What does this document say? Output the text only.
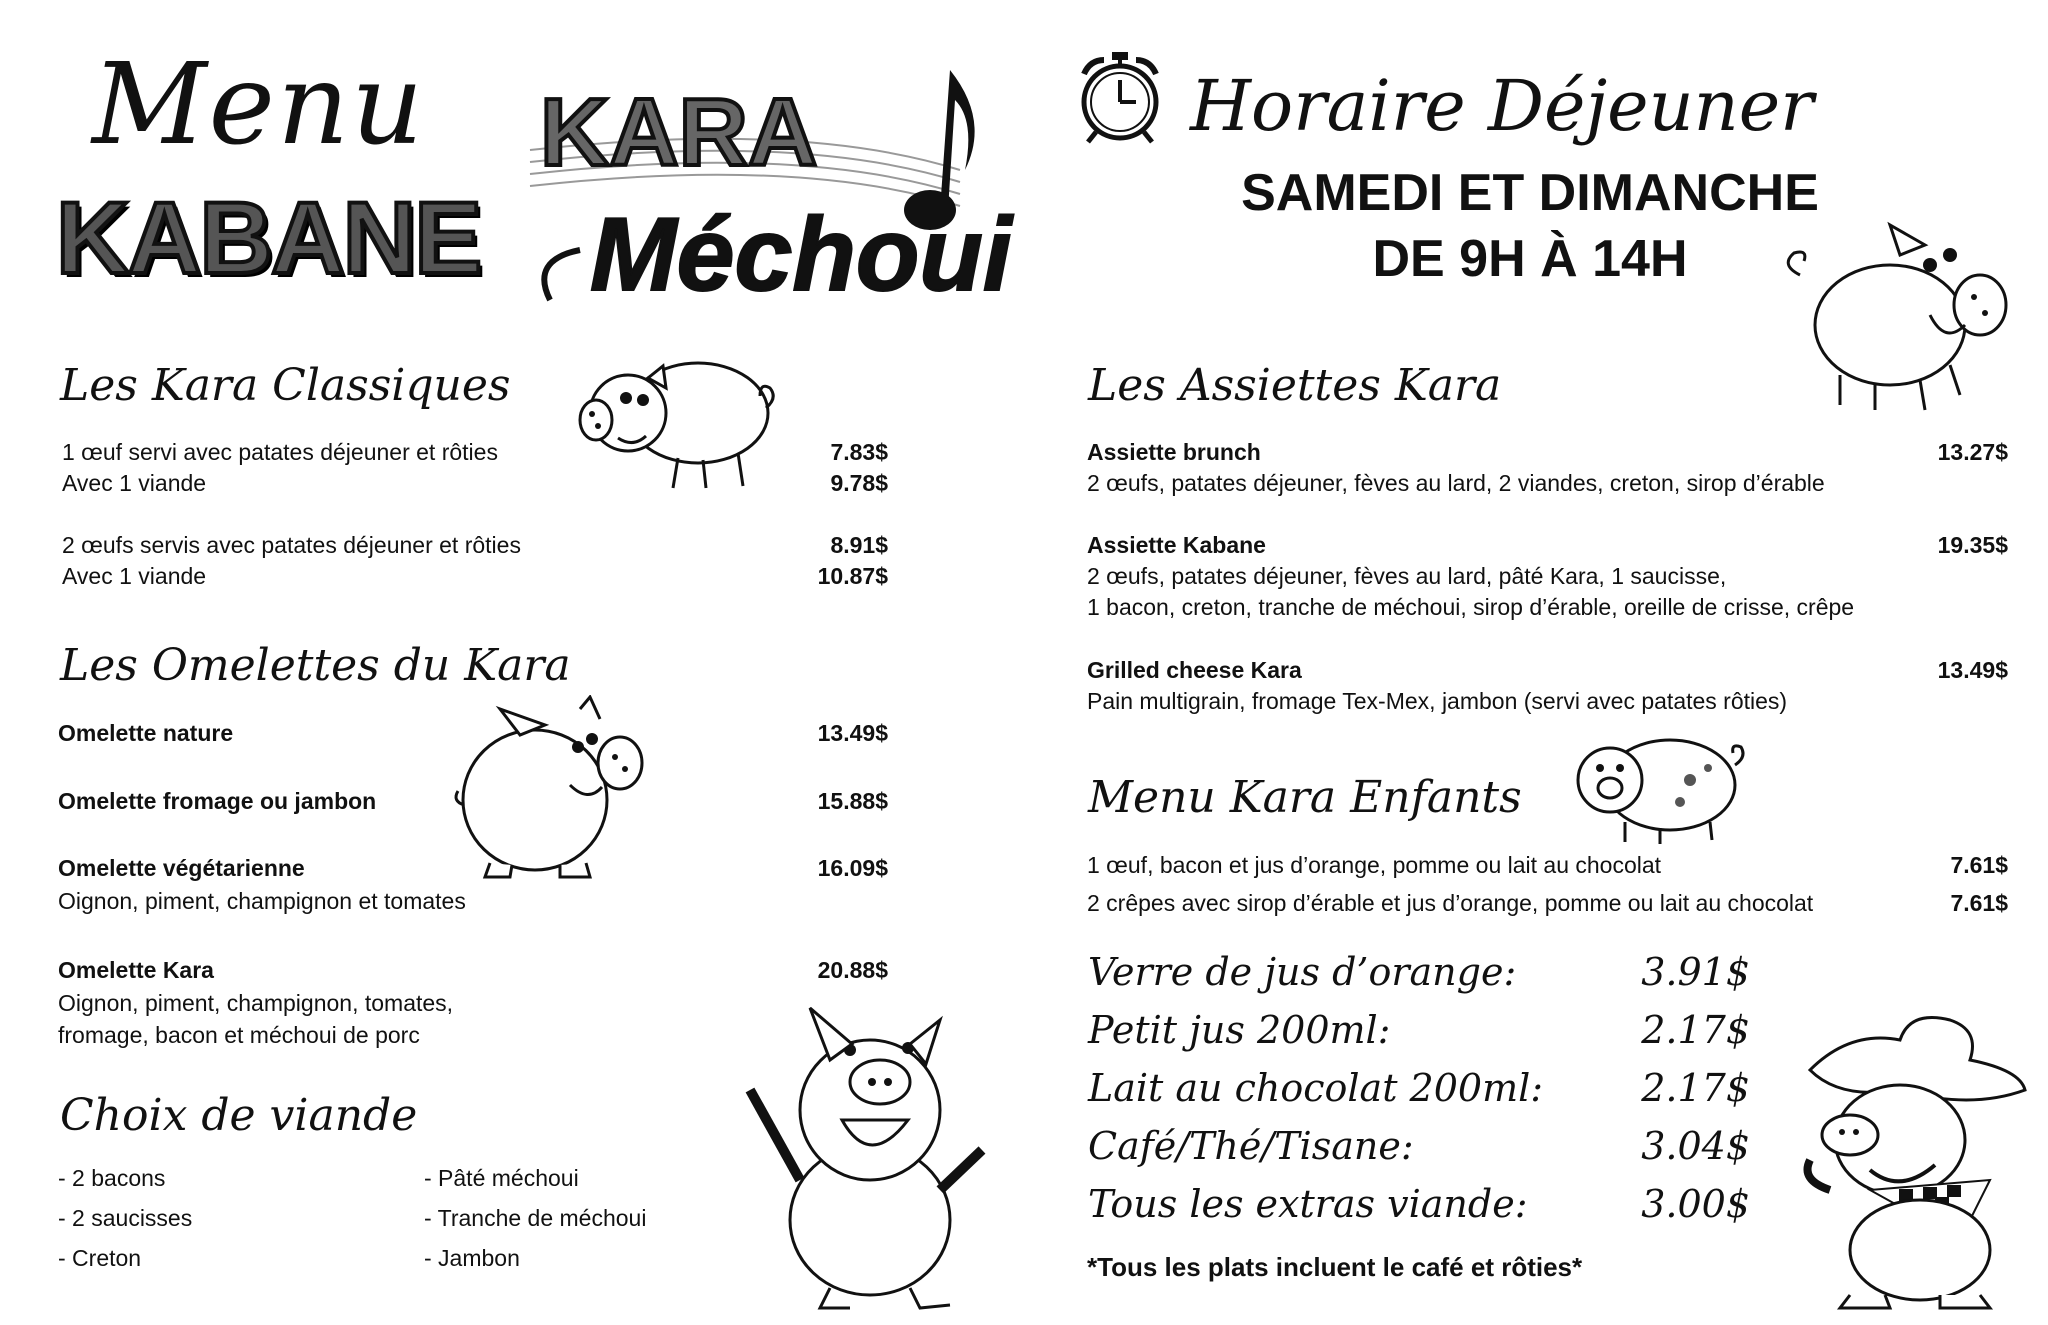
Menu
KABANE
KARA
Méchoui
Horaire Déjeuner
SAMEDI ET DIMANCHE
DE 9H À 14H
Les Kara Classiques
1 œuf servi avec patates déjeuner et rôties	7.83$
Avec 1 viande	9.78$
2 œufs servis avec patates déjeuner et rôties	8.91$
Avec 1 viande	10.87$
Les Omelettes du Kara
Omelette nature	13.49$
Omelette fromage ou jambon	15.88$
Omelette végétarienne	16.09$
Oignon, piment, champignon et tomates
Omelette Kara	20.88$
Oignon, piment, champignon, tomates,
fromage, bacon et méchoui de porc
Choix de viande
- 2 bacons
- 2 saucisses
- Creton
- Pâté méchoui
- Tranche de méchoui
- Jambon
Les Assiettes Kara
Assiette brunch	13.27$
2 œufs, patates déjeuner, fèves au lard, 2 viandes, creton, sirop d’érable
Assiette Kabane	19.35$
2 œufs, patates déjeuner, fèves au lard, pâté Kara, 1 saucisse,
1 bacon, creton, tranche de méchoui, sirop d’érable, oreille de crisse, crêpe
Grilled cheese Kara	13.49$
Pain multigrain, fromage Tex-Mex, jambon (servi avec patates rôties)
Menu Kara Enfants
1 œuf, bacon et jus d’orange, pomme ou lait au chocolat	7.61$
2 crêpes avec sirop d’érable et jus d’orange, pomme ou lait au chocolat	7.61$
Verre de jus d’orange:	3.91$
Petit jus 200ml:	2.17$
Lait au chocolat 200ml:	2.17$
Café/Thé/Tisane:	3.04$
Tous les extras viande:	3.00$
*Tous les plats incluent le café et rôties*
